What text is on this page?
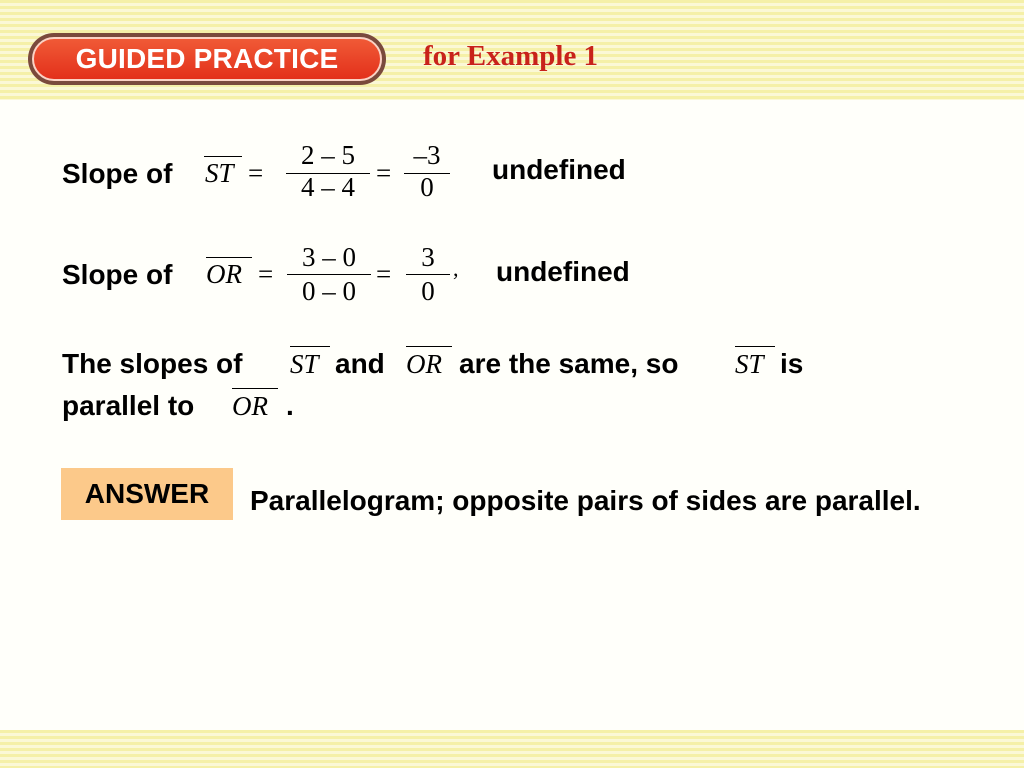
GUIDED PRACTICE	for Example 1
Slope of ST =
2 – 5
4 – 4 =
–3
0
undefined
Slope of OR =
3 – 0
0 – 0
=
3
0
, undefined
The slopes of ST and OR are the same, so ST is
parallel to OR .
ANSWER Parallelogram; opposite pairs of sides are parallel.
